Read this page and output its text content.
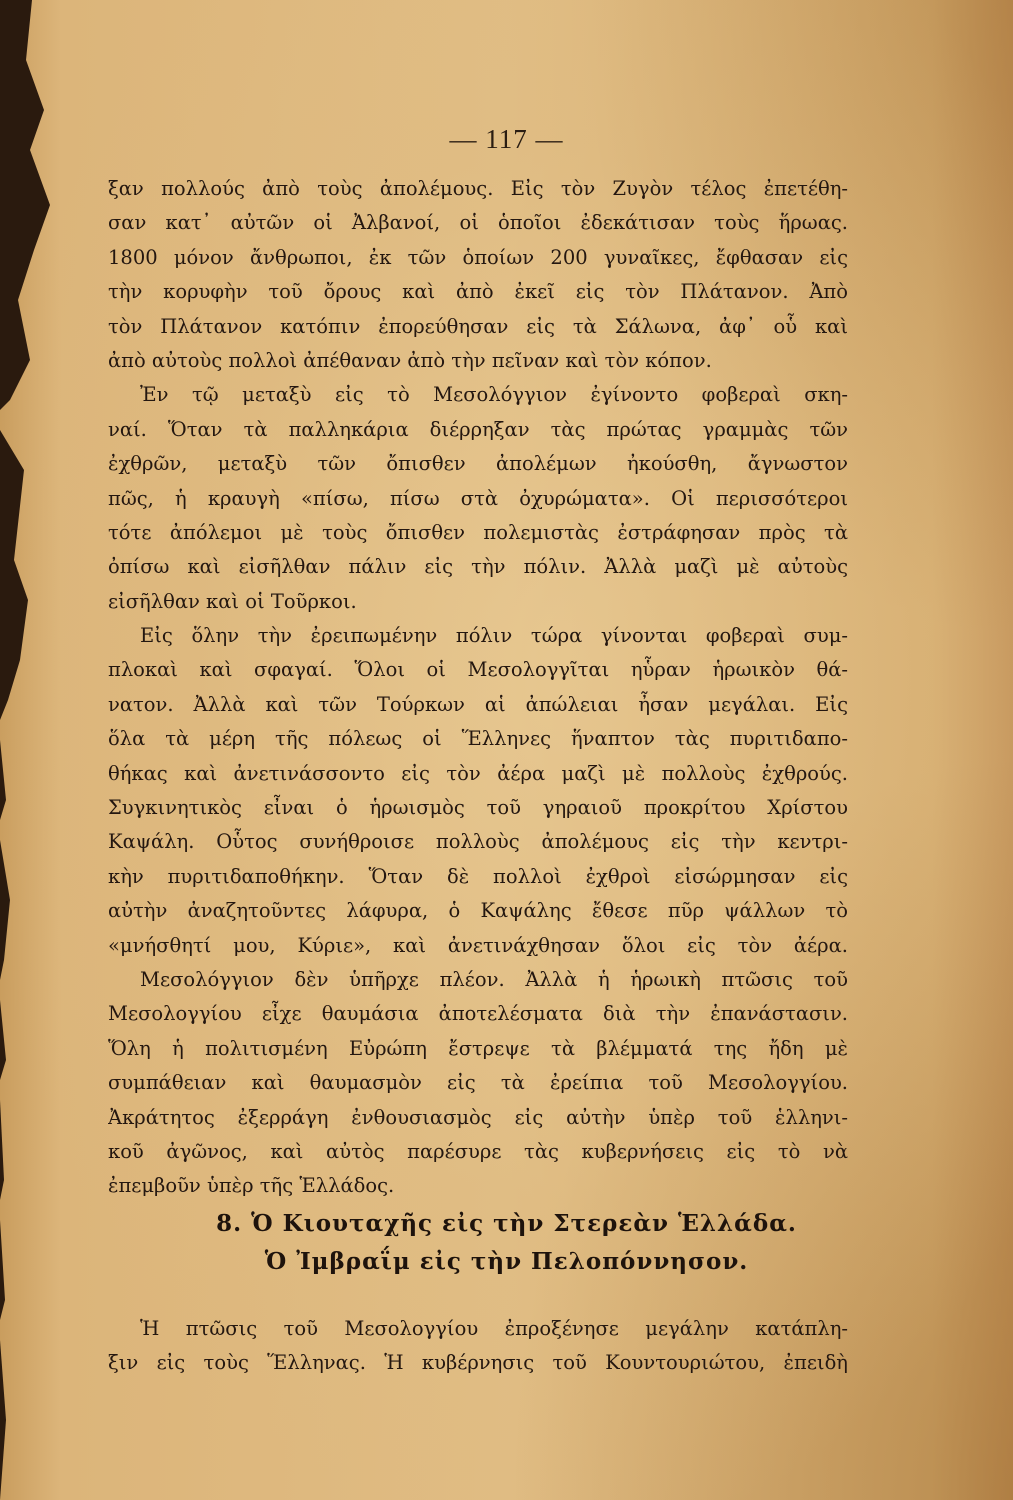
— 117 —
ξαν πολλούς ἀπὸ τοὺς ἀπολέμους. Εἰς τὸν Ζυγὸν τέλος ἐπετέθη-
σαν κατ᾽ αὐτῶν οἱ Ἀλβανοί, οἱ ὁποῖοι ἐδεκάτισαν τοὺς ἥρωας.
1800 μόνον ἄνθρωποι, ἐκ τῶν ὁποίων 200 γυναῖκες, ἔφθασαν εἰς
τὴν κορυφὴν τοῦ ὄρους καὶ ἀπὸ ἐκεῖ εἰς τὸν Πλάτανον. Ἀπὸ
τὸν Πλάτανον κατόπιν ἐπορεύθησαν εἰς τὰ Σάλωνα, ἀφ᾽ οὗ καὶ
ἀπὸ αὐτοὺς πολλοὶ ἀπέθαναν ἀπὸ τὴν πεῖναν καὶ τὸν κόπον.
Ἐν τῷ μεταξὺ εἰς τὸ Μεσολόγγιον ἐγίνοντο φοβεραὶ σκη-
ναί. Ὅταν τὰ παλληκάρια διέρρηξαν τὰς πρώτας γραμμὰς τῶν
ἐχθρῶν, μεταξὺ τῶν ὄπισθεν ἀπολέμων ἠκούσθη, ἄγνωστον
πῶς, ἡ κραυγὴ «πίσω, πίσω στὰ ὀχυρώματα». Οἱ περισσότεροι
τότε ἀπόλεμοι μὲ τοὺς ὄπισθεν πολεμιστὰς ἐστράφησαν πρὸς τὰ
ὀπίσω καὶ εἰσῆλθαν πάλιν εἰς τὴν πόλιν. Ἀλλὰ μαζὶ μὲ αὐτοὺς
εἰσῆλθαν καὶ οἱ Τοῦρκοι.
Εἰς ὅλην τὴν ἐρειπωμένην πόλιν τώρα γίνονται φοβεραὶ συμ-
πλοκαὶ καὶ σφαγαί. Ὅλοι οἱ Μεσολογγῖται ηὗραν ἡρωικὸν θά-
νατον. Ἀλλὰ καὶ τῶν Τούρκων αἱ ἀπώλειαι ἦσαν μεγάλαι. Εἰς
ὅλα τὰ μέρη τῆς πόλεως οἱ Ἕλληνες ἥναπτον τὰς πυριτιδαπο-
θήκας καὶ ἀνετινάσσοντο εἰς τὸν ἀέρα μαζὶ μὲ πολλοὺς ἐχθρούς.
Συγκινητικὸς εἶναι ὁ ἡρωισμὸς τοῦ γηραιοῦ προκρίτου Χρίστου
Καψάλη. Οὗτος συνήθροισε πολλοὺς ἀπολέμους εἰς τὴν κεντρι-
κὴν πυριτιδαποθήκην. Ὅταν δὲ πολλοὶ ἐχθροὶ εἰσώρμησαν εἰς
αὐτὴν ἀναζητοῦντες λάφυρα, ὁ Καψάλης ἔθεσε πῦρ ψάλλων τὸ
«μνήσθητί μου, Κύριε», καὶ ἀνετινάχθησαν ὅλοι εἰς τὸν ἀέρα.
Μεσολόγγιον δὲν ὑπῆρχε πλέον. Ἀλλὰ ἡ ἡρωικὴ πτῶσις τοῦ
Μεσολογγίου εἶχε θαυμάσια ἀποτελέσματα διὰ τὴν ἐπανάστασιν.
Ὅλη ἡ πολιτισμένη Εὐρώπη ἔστρεψε τὰ βλέμματά της ἤδη μὲ
συμπάθειαν καὶ θαυμασμὸν εἰς τὰ ἐρείπια τοῦ Μεσολογγίου.
Ἀκράτητος ἐξερράγη ἐνθουσιασμὸς εἰς αὐτὴν ὑπὲρ τοῦ ἑλληνι-
κοῦ ἀγῶνος, καὶ αὐτὸς παρέσυρε τὰς κυβερνήσεις εἰς τὸ νὰ
ἐπεμβοῦν ὑπὲρ τῆς Ἑλλάδος.
8. Ὁ Κιουταχῆς εἰς τὴν Στερεὰν Ἑλλάδα.
Ὁ Ἰμβραΐμ εἰς τὴν Πελοπόννησον.
Ἡ πτῶσις τοῦ Μεσολογγίου ἐπροξένησε μεγάλην κατάπλη-
ξιν εἰς τοὺς Ἕλληνας. Ἡ κυβέρνησις τοῦ Κουντουριώτου, ἐπειδὴ
